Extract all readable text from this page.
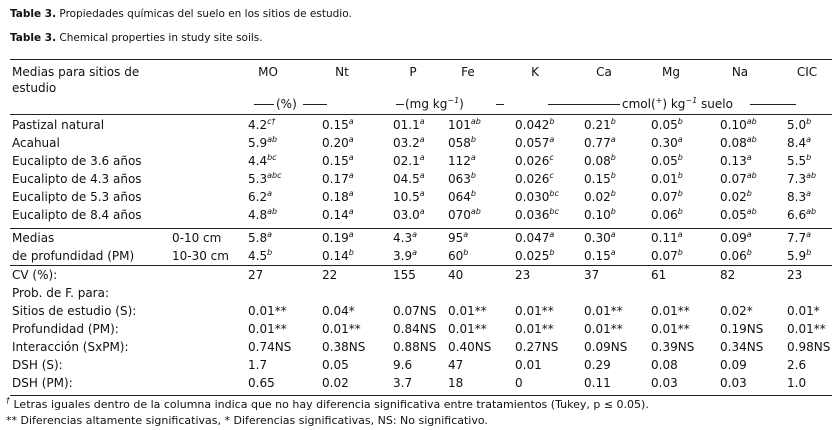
Table 3. Propiedades químicas del suelo en los sitios de estudio.
Table 3. Chemical properties in study site soils.
Medias para sitios de
estudio
(%)	(mg $kg^{-1}$)	cmol(+) $kg^{-1}$ suelo
MO	Nt	P	Fe	K	Ca	Mg	Na	CIC
Pastizal natural	$4.2^{c\dagger}$	0.15$^a$	01.1$^a$ $101^{ab}$	0.042$^b$ 0.21$^b$	0.05$^b$	0.10$^{ab}$	5.0$^b$
Acahual	5.9$^{ab}$	0.20$^a$	03.2$^a$ 058$^b$	0.057$^a$ 0.77$^a$	0.30$^a$	0.08$^{ab}$	8.4$^a$
Eucalipto de 3.6 años	4.4$^{bc}$	0.15$^a$	02.1$^a$ 112$^a$	0.026$^c$	0.08$^b$	0.05$^b$	0.13$^a$	5.5$^b$
Eucalipto de 4.3 años	5.3$^{abc}$	0.17$^a$	04.5$^a$ 063$^b$	0.026$^c$	0.15$^b$	0.01$^b$	0.07$^{ab}$	7.3$^{ab}$
Eucalipto de 5.3 años	6.2$^a$	0.18$^a$	10.5$^a$ 064$^b$	0.030$^{bc}$ 0.02$^b$	0.07$^b$	0.02$^b$	8.3$^a$
Eucalipto de 8.4 años	4.8$^{ab}$	0.14$^a$	03.0$^a$ $070^{ab}$	0.036$^{bc}$ 0.10$^b$	0.06$^b$	0.05$^{ab}$	6.6$^{ab}$
Medias	0-10 cm 5.8$^a$	0.19$^a$	4.3$^a$	95$^a$	0.047$^a$ 0.30$^a$	0.11$^a$	0.09$^a$	7.7$^a$
de profundidad (PM)	10-30 cm 4.5$^b$	0.14$^b$	3.9$^a$	60$^b$	0.025$^b$ 0.15$^a$	0.07$^b$	0.06$^b$	5.9$^b$
CV (%):	27	22	155	40	23	37	61	82	23
Prob. de F. para:
Sitios de estudio (S):	0.01**	0.04*	0.07NS 0.01** 0.01**	0.01** 0.01**	0.02*	0.01*
Profundidad (PM):	0.01**	0.01**	0.84NS 0.01** 0.01**	0.01** 0.01**	0.19NS 0.01**
Interacción (SxPM):	0.74NS	0.38NS 0.88NS 0.40NS 0.27NS 0.09NS 0.39NS 0.34NS 0.98NS
DSH (S):	1.7	0.05	9.6	47	0.01	0.29	0.08	0.09	2.6
DSH (PM):	0.65	0.02	3.7	18	0	0.11	0.03	0.03	1.0
† Letras iguales dentro de la columna indica que no hay diferencia significativa entre tratamientos (Tukey, p ≤ 0.05).
** Diferencias altamente significativas, * Diferencias significativas, NS: No significativo.
